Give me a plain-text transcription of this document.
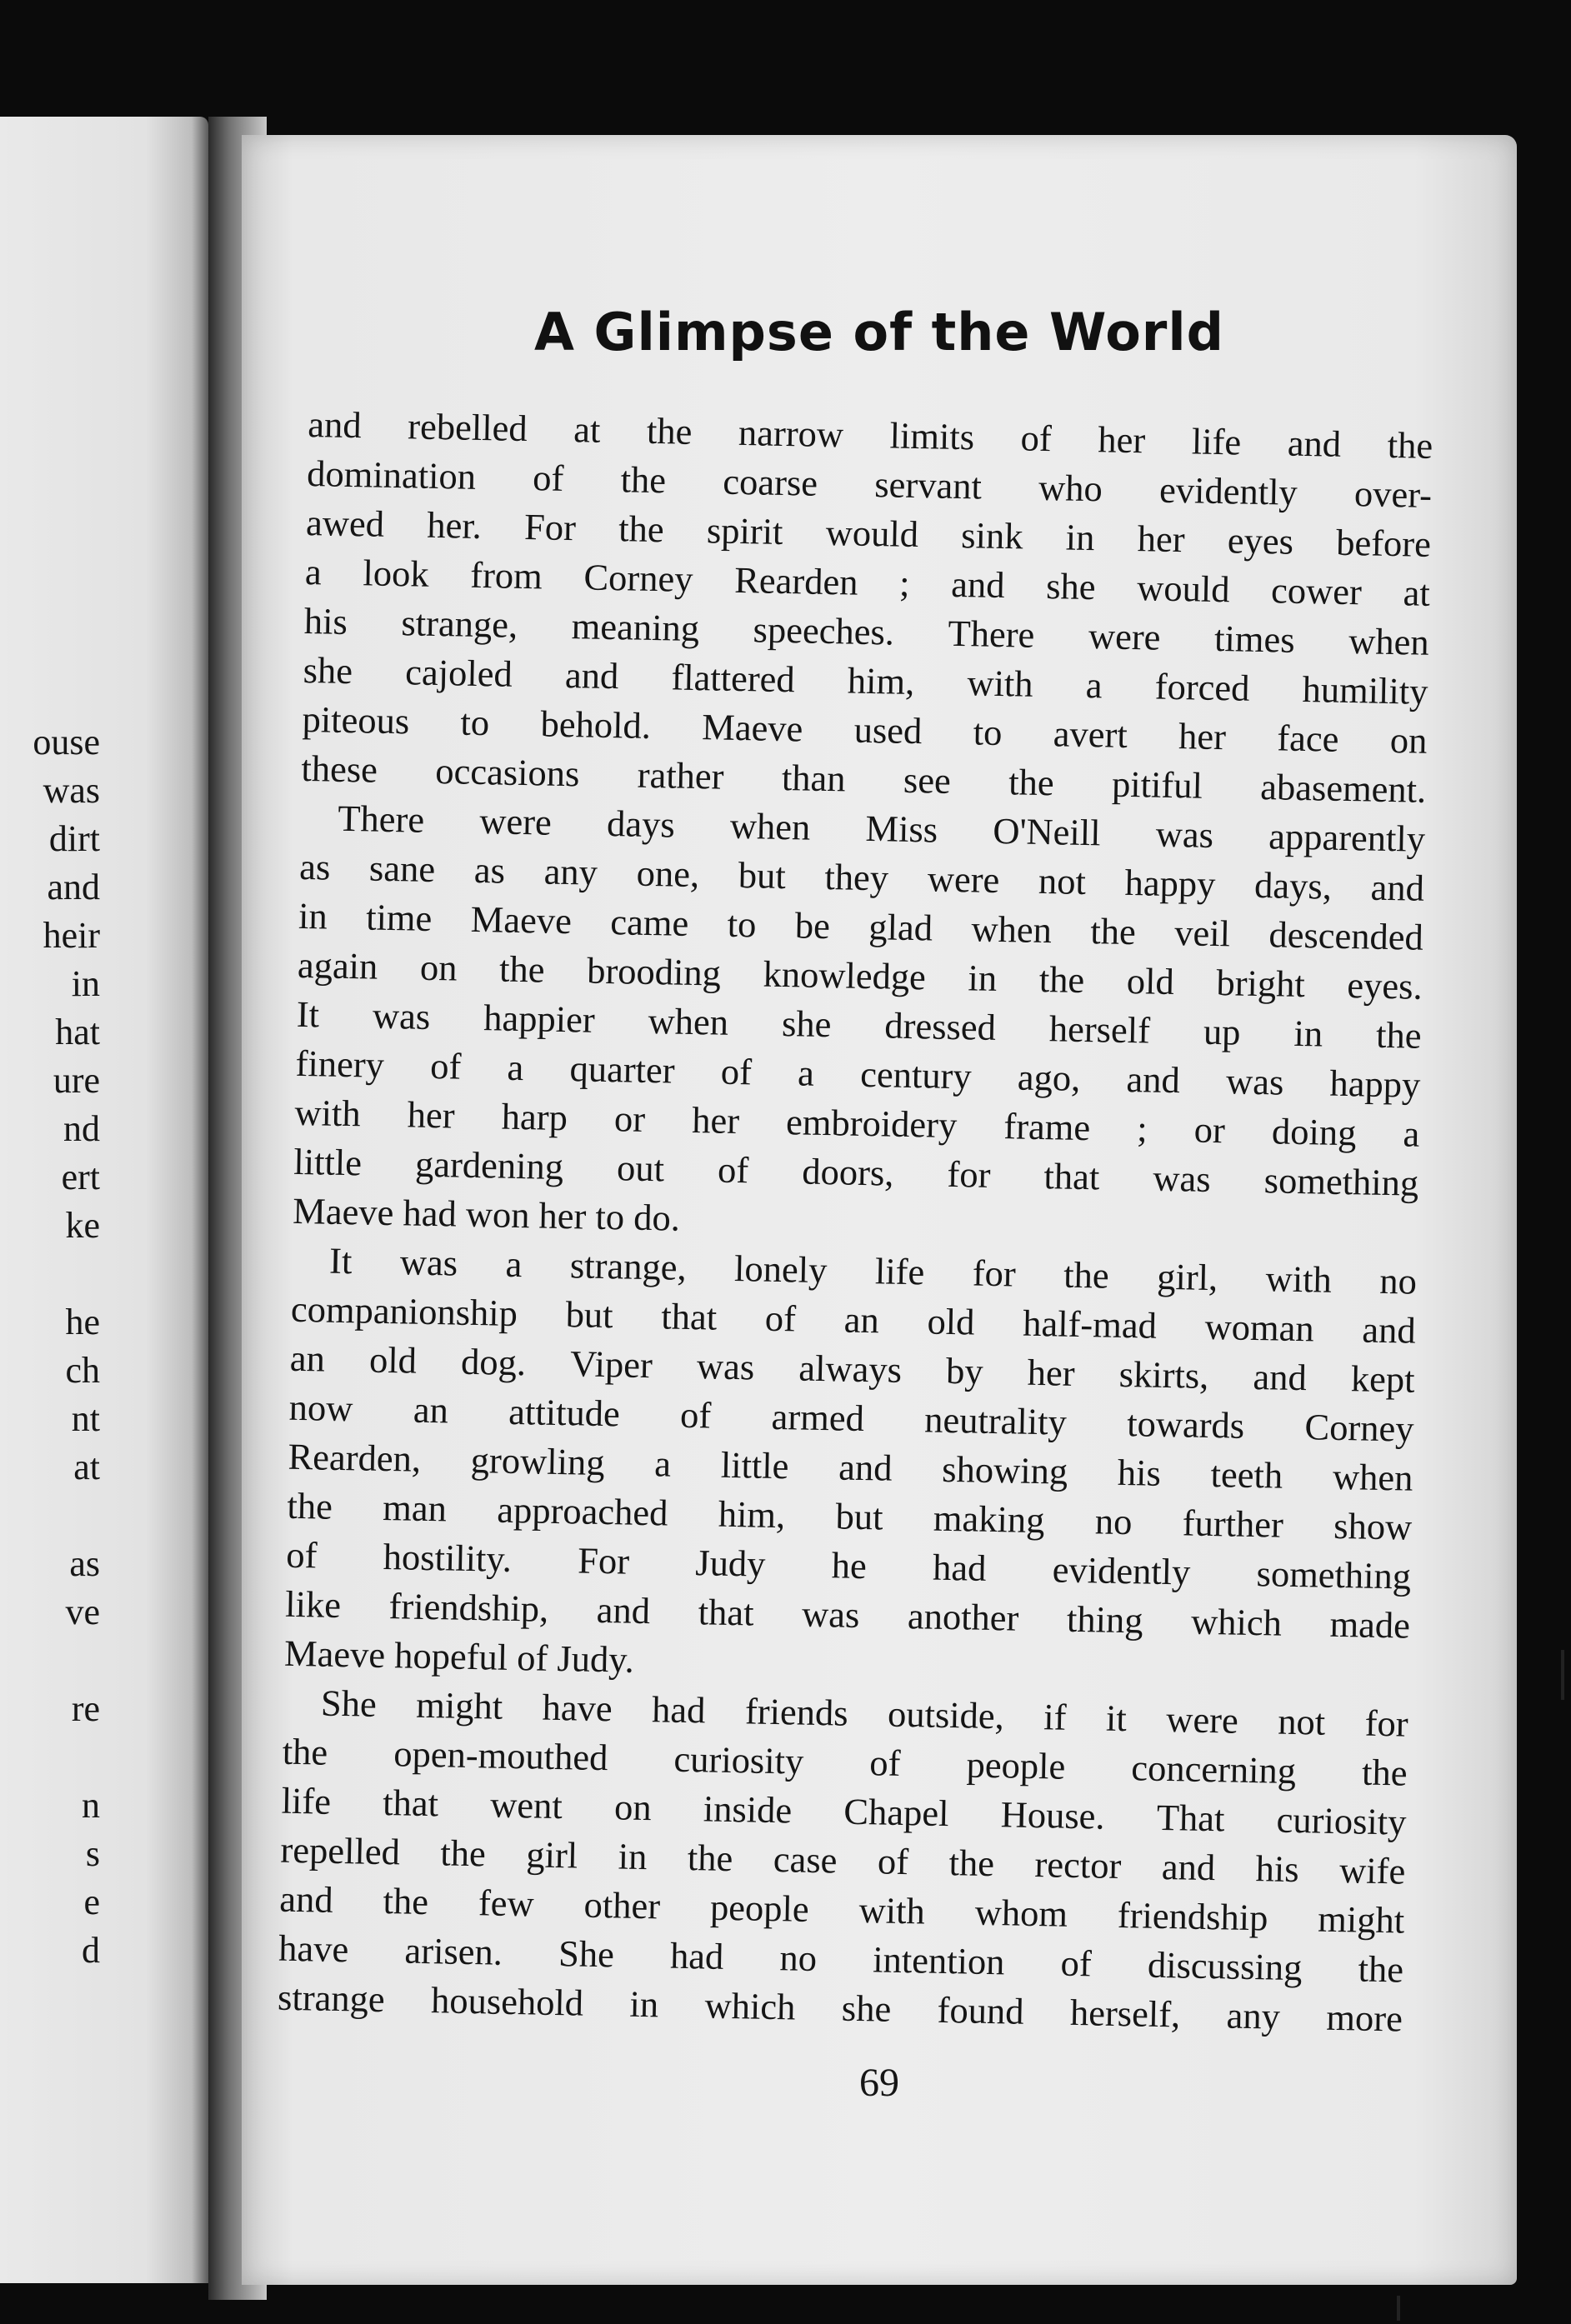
ouse
was
dirt
and
heir
in
hat
ure
nd
ert
ke
he
ch
nt
at
as
ve
re
n
s
e
d
A Glimpse of the World
and rebelled at the narrow limits of her life and the
domination of the coarse servant who evidently over-
awed her. For the spirit would sink in her eyes before
a look from Corney Rearden ; and she would cower at
his strange, meaning speeches. There were times when
she cajoled and flattered him, with a forced humility
piteous to behold. Maeve used to avert her face on
these occasions rather than see the pitiful abasement.
There were days when Miss O'Neill was apparently
as sane as any one, but they were not happy days, and
in time Maeve came to be glad when the veil descended
again on the brooding knowledge in the old bright eyes.
It was happier when she dressed herself up in the
finery of a quarter of a century ago, and was happy
with her harp or her embroidery frame ; or doing a
little gardening out of doors, for that was something
Maeve had won her to do.
It was a strange, lonely life for the girl, with no
companionship but that of an old half-mad woman and
an old dog. Viper was always by her skirts, and kept
now an attitude of armed neutrality towards Corney
Rearden, growling a little and showing his teeth when
the man approached him, but making no further show
of hostility. For Judy he had evidently something
like friendship, and that was another thing which made
Maeve hopeful of Judy.
She might have had friends outside, if it were not for
the open-mouthed curiosity of people concerning the
life that went on inside Chapel House. That curiosity
repelled the girl in the case of the rector and his wife
and the few other people with whom friendship might
have arisen. She had no intention of discussing the
strange household in which she found herself, any more
69
